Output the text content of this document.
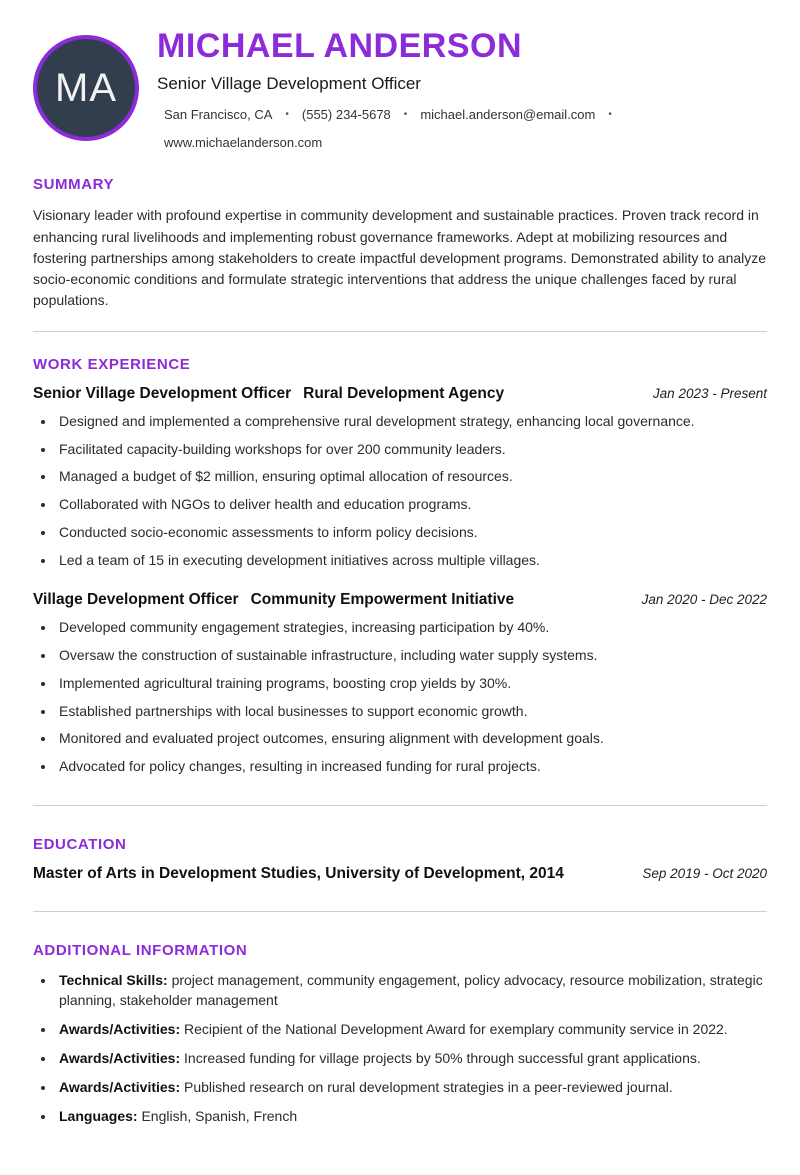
MA
MICHAEL ANDERSON
Senior Village Development Officer
San Francisco, CA • (555) 234-5678 • michael.anderson@email.com •
www.michaelanderson.com
SUMMARY

Visionary leader with profound expertise in community development and sustainable practices. Proven track record in enhancing rural livelihoods and implementing robust governance frameworks. Adept at mobilizing resources and fostering partnerships among stakeholders to create impactful development programs. Demonstrated ability to analyze socio-economic conditions and formulate strategic interventions that address the unique challenges faced by rural populations.

WORK EXPERIENCE
Senior Village Development Officer Rural Development Agency	Jan 2023 - Present
• Designed and implemented a comprehensive rural development strategy, enhancing local governance.
• Facilitated capacity-building workshops for over 200 community leaders.
• Managed a budget of $2 million, ensuring optimal allocation of resources.
• Collaborated with NGOs to deliver health and education programs.
• Conducted socio-economic assessments to inform policy decisions.
• Led a team of 15 in executing development initiatives across multiple villages.
Village Development Officer Community Empowerment Initiative	Jan 2020 - Dec 2022
• Developed community engagement strategies, increasing participation by 40%.
• Oversaw the construction of sustainable infrastructure, including water supply systems.
• Implemented agricultural training programs, boosting crop yields by 30%.
• Established partnerships with local businesses to support economic growth.
• Monitored and evaluated project outcomes, ensuring alignment with development goals.
• Advocated for policy changes, resulting in increased funding for rural projects.
EDUCATION
Master of Arts in Development Studies, University of Development, 2014	Sep 2019 - Oct 2020
ADDITIONAL INFORMATION
• Technical Skills: project management, community engagement, policy advocacy, resource mobilization, strategic planning, stakeholder management
• Awards/Activities: Recipient of the National Development Award for exemplary community service in 2022.
• Awards/Activities: Increased funding for village projects by 50% through successful grant applications.
• Awards/Activities: Published research on rural development strategies in a peer-reviewed journal.
• Languages: English, Spanish, French
